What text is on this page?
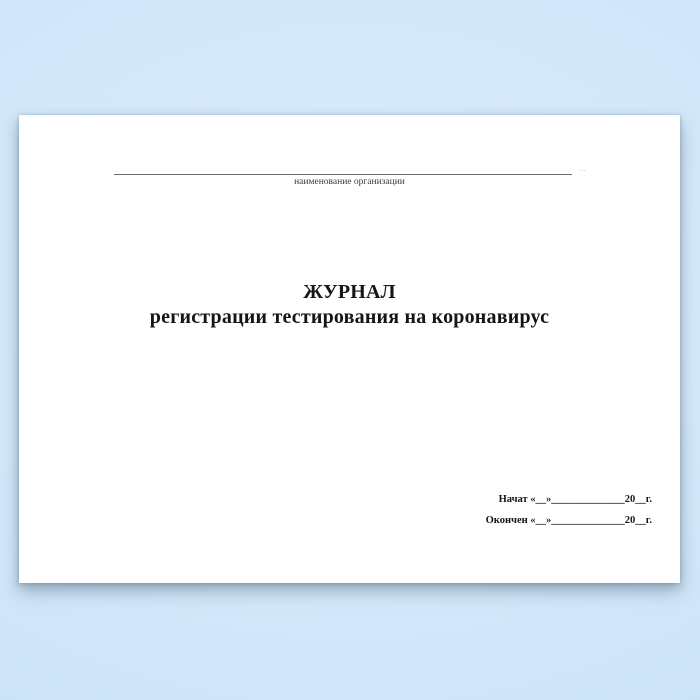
..
наименование организации
ЖУРНАЛ
регистрации тестирования на коронавирус
Начат «__»______________20__г.
Окончен «__»______________20__г.
